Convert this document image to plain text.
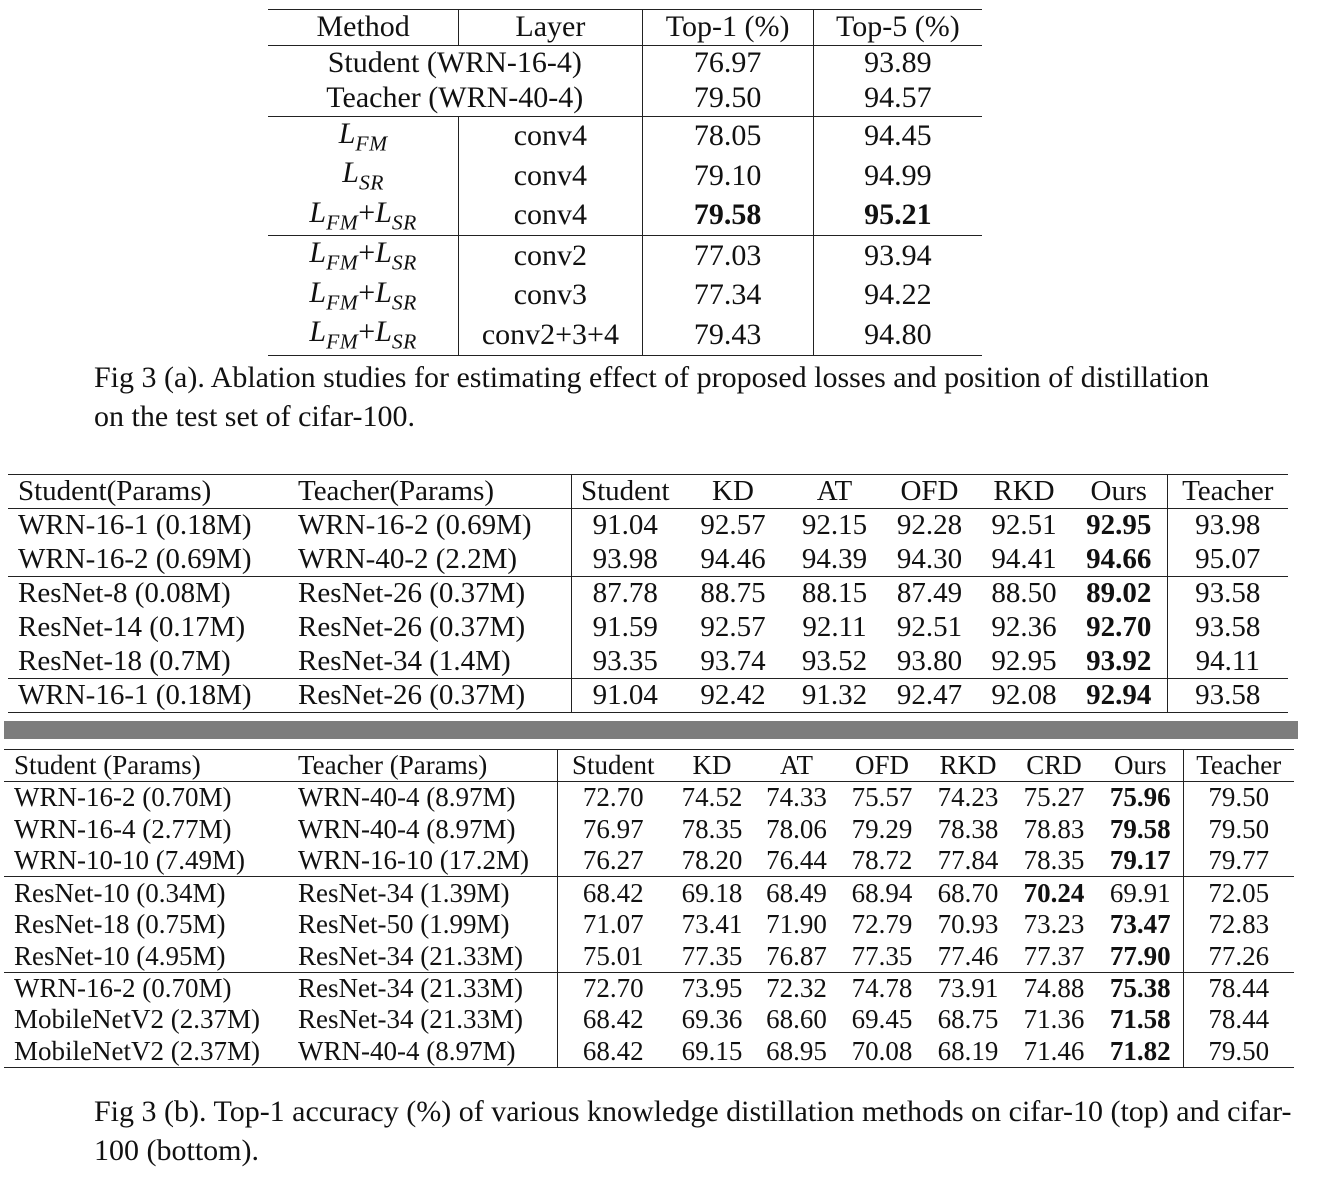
Method	Layer	Top-1 (%)	Top-5 (%)
Student (WRN-16-4)		76.97	93.89
Teacher (WRN-40-4)		79.50	94.57
$L_{FM}$	conv4	78.05	94.45
$L_{SR}$	conv4	79.10	94.99
$L_{FM}+L_{SR}$	conv4	79.58	95.21
$L_{FM}+L_{SR}$	conv2	77.03	93.94
$L_{FM}+L_{SR}$	conv3	77.34	94.22
$L_{FM}+L_{SR}$	conv2+3+4	79.43	94.80

Fig 3 (a). Ablation studies for estimating effect of proposed losses and position of distillation on the test set of cifar-100.

Student(Params)	Teacher(Params)	Student	KD	AT	OFD	RKD	Ours	Teacher
WRN-16-1 (0.18M)	WRN-16-2 (0.69M)	91.04	92.57	92.15	92.28	92.51	92.95	93.98
WRN-16-2 (0.69M)	WRN-40-2 (2.2M)	93.98	94.46	94.39	94.30	94.41	94.66	95.07
ResNet-8 (0.08M)	ResNet-26 (0.37M)	87.78	88.75	88.15	87.49	88.50	89.02	93.58
ResNet-14 (0.17M)	ResNet-26 (0.37M)	91.59	92.57	92.11	92.51	92.36	92.70	93.58
ResNet-18 (0.7M)	ResNet-34 (1.4M)	93.35	93.74	93.52	93.80	92.95	93.92	94.11
WRN-16-1 (0.18M)	ResNet-26 (0.37M)	91.04	92.42	91.32	92.47	92.08	92.94	93.58
Student (Params)	Teacher (Params)	Student	KD	AT	OFD	RKD	CRD	Ours	Teacher
WRN-16-2 (0.70M)	WRN-40-4 (8.97M)	72.70	74.52	74.33	75.57	74.23	75.27	75.96	79.50
WRN-16-4 (2.77M)	WRN-40-4 (8.97M)	76.97	78.35	78.06	79.29	78.38	78.83	79.58	79.50
WRN-10-10 (7.49M)	WRN-16-10 (17.2M)	76.27	78.20	76.44	78.72	77.84	78.35	79.17	79.77
ResNet-10 (0.34M)	ResNet-34 (1.39M)	68.42	69.18	68.49	68.94	68.70	70.24	69.91	72.05
ResNet-18 (0.75M)	ResNet-50 (1.99M)	71.07	73.41	71.90	72.79	70.93	73.23	73.47	72.83
ResNet-10 (4.95M)	ResNet-34 (21.33M)	75.01	77.35	76.87	77.35	77.46	77.37	77.90	77.26
WRN-16-2 (0.70M)	ResNet-34 (21.33M)	72.70	73.95	72.32	74.78	73.91	74.88	75.38	78.44
MobileNetV2 (2.37M)	ResNet-34 (21.33M)	68.42	69.36	68.60	69.45	68.75	71.36	71.58	78.44
MobileNetV2 (2.37M)	WRN-40-4 (8.97M)	68.42	69.15	68.95	70.08	68.19	71.46	71.82	79.50

Fig 3 (b). Top-1 accuracy (%) of various knowledge distillation methods on cifar-10 (top) and cifar-100 (bottom).
